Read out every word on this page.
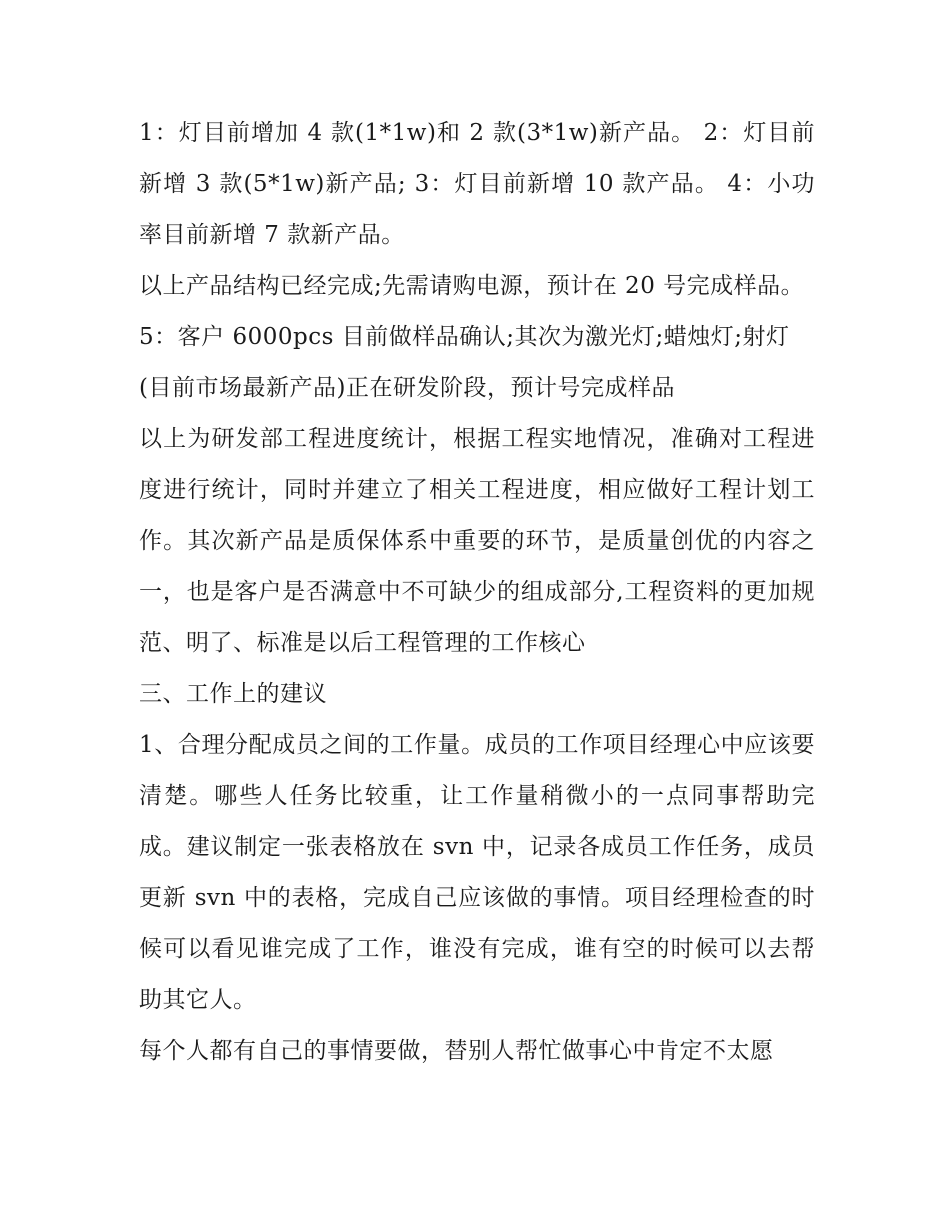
1：灯目前增加 4 款(1*1w)和 2 款(3*1w)新产品。 2：灯目前新增 3 款(5*1w)新产品; 3：灯目前新增 10 款产品。 4：小功率目前新增 7 款新产品。

以上产品结构已经完成;先需请购电源，预计在 20 号完成样品。

5：客户 6000pcs 目前做样品确认;其次为激光灯;蜡烛灯;射灯(目前市场最新产品)正在研发阶段，预计号完成样品

以上为研发部工程进度统计，根据工程实地情况，准确对工程进度进行统计，同时并建立了相关工程进度，相应做好工程计划工作。其次新产品是质保体系中重要的环节，是质量创优的内容之一，也是客户是否满意中不可缺少的组成部分,工程资料的更加规范、明了、标准是以后工程管理的工作核心

三、工作上的建议

1、合理分配成员之间的工作量。成员的工作项目经理心中应该要清楚。哪些人任务比较重，让工作量稍微小的一点同事帮助完成。建议制定一张表格放在 svn 中，记录各成员工作任务，成员更新 svn 中的表格，完成自己应该做的事情。项目经理检查的时候可以看见谁完成了工作，谁没有完成，谁有空的时候可以去帮助其它人。

每个人都有自己的事情要做，替别人帮忙做事心中肯定不太愿
